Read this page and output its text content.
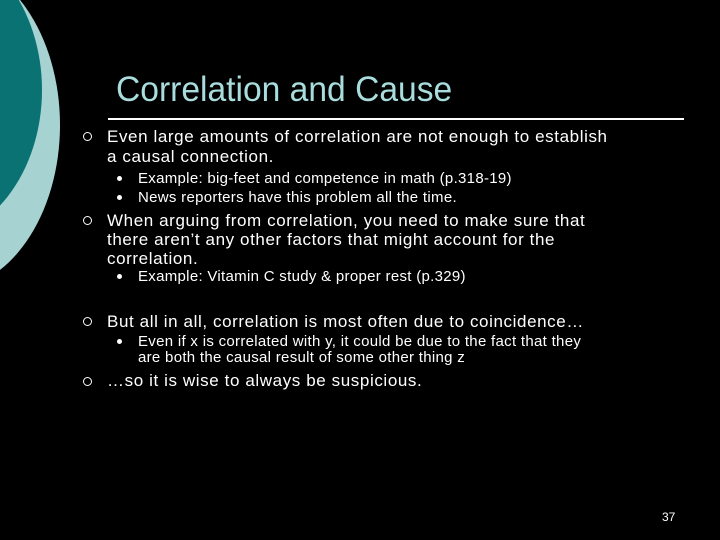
Correlation and Cause
Even large amounts of correlation are not enough to establish
a causal connection.
Example: big-feet and competence in math (p.318-19)
News reporters have this problem all the time.
When arguing from correlation, you need to make sure that
there aren’t any other factors that might account for the
correlation.
Example: Vitamin C study & proper rest (p.329)
But all in all, correlation is most often due to coincidence…
Even if x is correlated with y, it could be due to the fact that they
are both the causal result of some other thing z
…so it is wise to always be suspicious.
37
